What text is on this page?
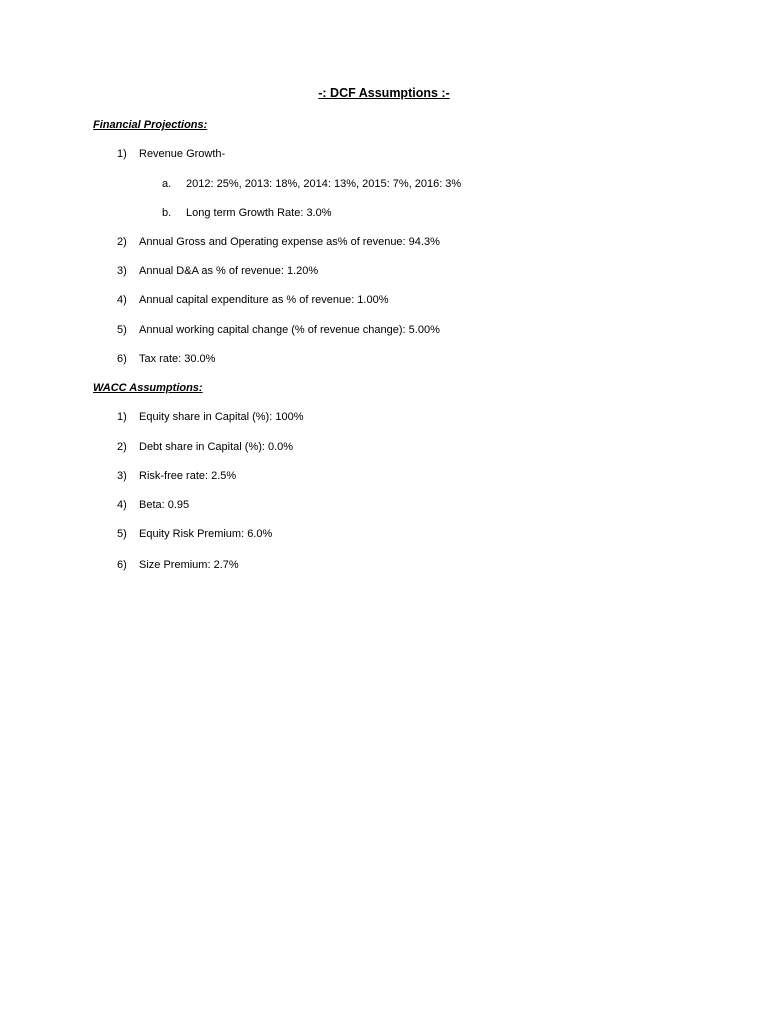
-: DCF Assumptions :-
Financial Projections:
1) Revenue Growth-
a. 2012: 25%, 2013: 18%, 2014: 13%, 2015: 7%, 2016: 3%
b. Long term Growth Rate: 3.0%
2) Annual Gross and Operating expense as% of revenue: 94.3%
3) Annual D&A as % of revenue: 1.20%
4) Annual capital expenditure as % of revenue: 1.00%
5) Annual working capital change (% of revenue change): 5.00%
6) Tax rate: 30.0%
WACC Assumptions:
1) Equity share in Capital (%): 100%
2) Debt share in Capital (%): 0.0%
3) Risk-free rate: 2.5%
4) Beta: 0.95
5) Equity Risk Premium: 6.0%
6) Size Premium: 2.7%
